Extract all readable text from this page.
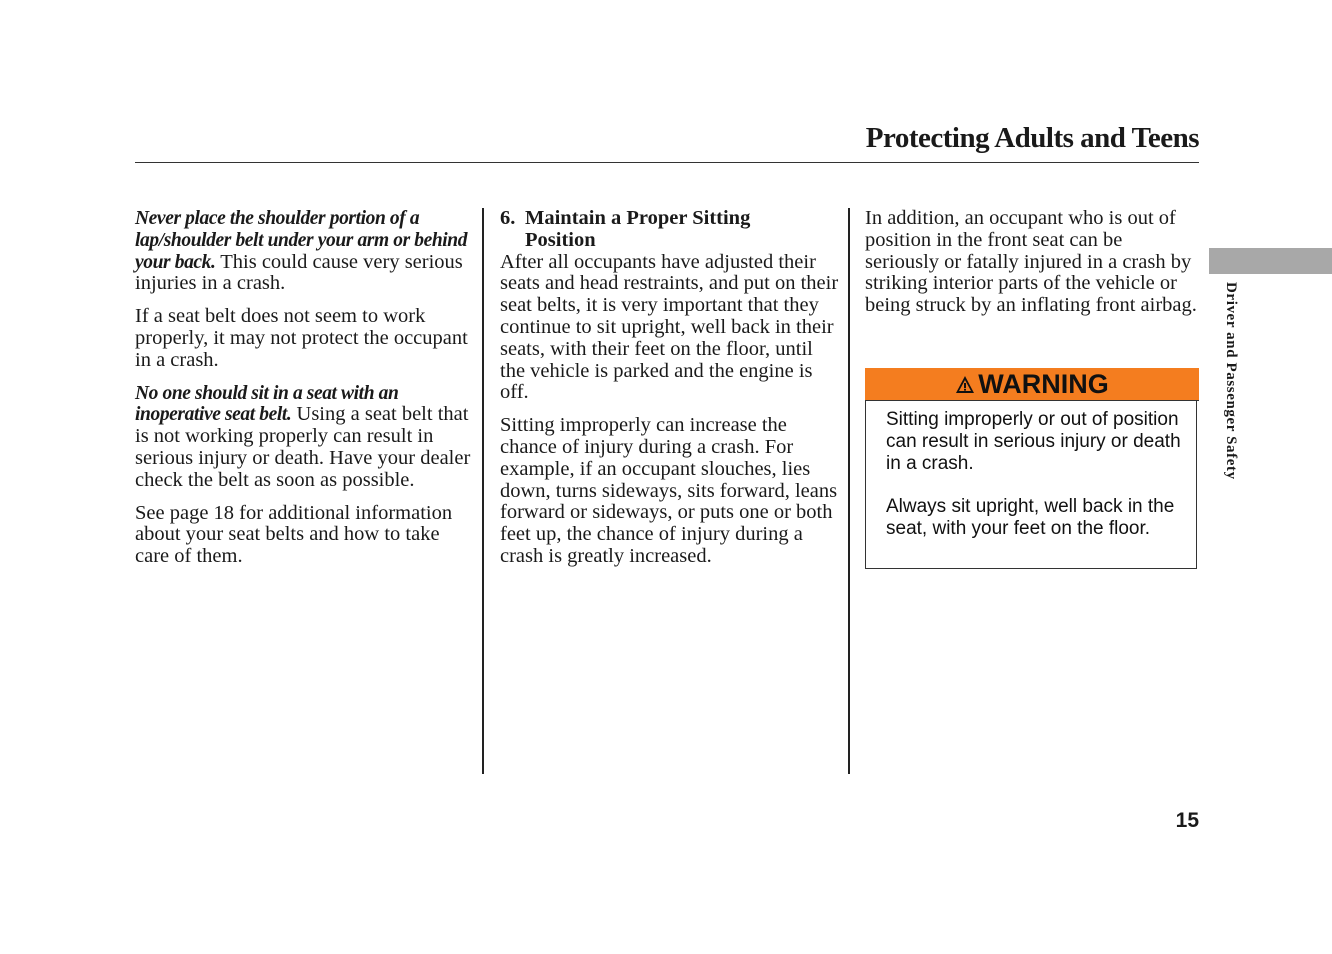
Protecting Adults and Teens

Never place the shoulder portion of a lap/shoulder belt under your arm or behind your back. This could cause very serious injuries in a crash.

If a seat belt does not seem to work properly, it may not protect the occupant in a crash.

No one should sit in a seat with an inoperative seat belt. Using a seat belt that is not working properly can result in serious injury or death. Have your dealer check the belt as soon as possible.

See page 18 for additional information about your seat belts and how to take care of them.

6. Maintain a Proper Sitting
Position

After all occupants have adjusted their seats and head restraints, and put on their seat belts, it is very important that they continue to sit upright, well back in their seats, with their feet on the floor, until the vehicle is parked and the engine is off.

Sitting improperly can increase the chance of injury during a crash. For example, if an occupant slouches, lies down, turns sideways, sits forward, leans forward or sideways, or puts one or both feet up, the chance of injury during a crash is greatly increased.

In addition, an occupant who is out of position in the front seat can be seriously or fatally injured in a crash by striking interior parts of the vehicle or being struck by an inflating front airbag.

WARNING

Sitting improperly or out of position can result in serious injury or death in a crash.

Always sit upright, well back in the seat, with your feet on the floor.

Driver and Passenger Safety
15
